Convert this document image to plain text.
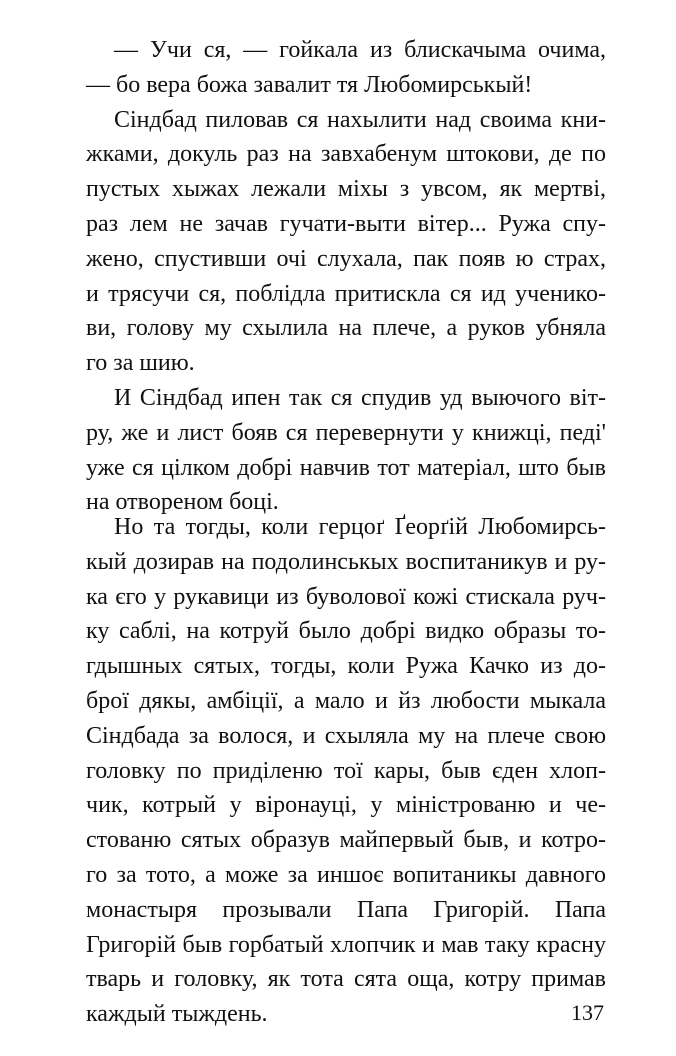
— Учи ся, — гойкала из блискачыма очима,
— бо вера божа завалит тя Любомирськый!
Сіндбад пиловав ся нахылити над своима кни-
жками, докуль раз на завхабенум штокови, де по
пустых хыжах лежали міхы з увсом, як мертві,
раз лем не зачав гучати-выти вітер... Ружа спу-
жено, спустивши очі слухала, пак появ ю страх,
и трясучи ся, поблідла притискла ся ид ученико-
ви, голову му схылила на плече, а руков убняла
го за шию.
И Сіндбад ипен так ся спудив уд выючого віт-
ру, же и лист бояв ся перевернути у книжці, педі'
уже ся цілком добрі навчив тот матеріал, што быв
на отвореном боці.
Но та тогды, коли герцоґ Ґеорґій Любомирсь-
кый дозирав на подолинськых воспитаникув и ру-
ка єго у рукавици из буволової кожі стискала руч-
ку саблі, на котруй было добрі видко образы то-
гдышных сятых, тогды, коли Ружа Качко из до-
брої дякы, амбіції, а мало и йз любости мыкала
Сіндбада за волося, и схыляла му на плече свою
головку по приділеню тої кары, быв єден хлоп-
чик, котрый у віронауці, у міністрованю и че-
стованю сятых образув майпервый быв, и котро-
го за тото, а може за иншоє вопитаникы давного
монастыря прозывали Папа Григорій. Папа
Григорій быв горбатый хлопчик и мав таку красну
тварь и головку, як тота сята оща, котру примав
каждый тыждень.	137
